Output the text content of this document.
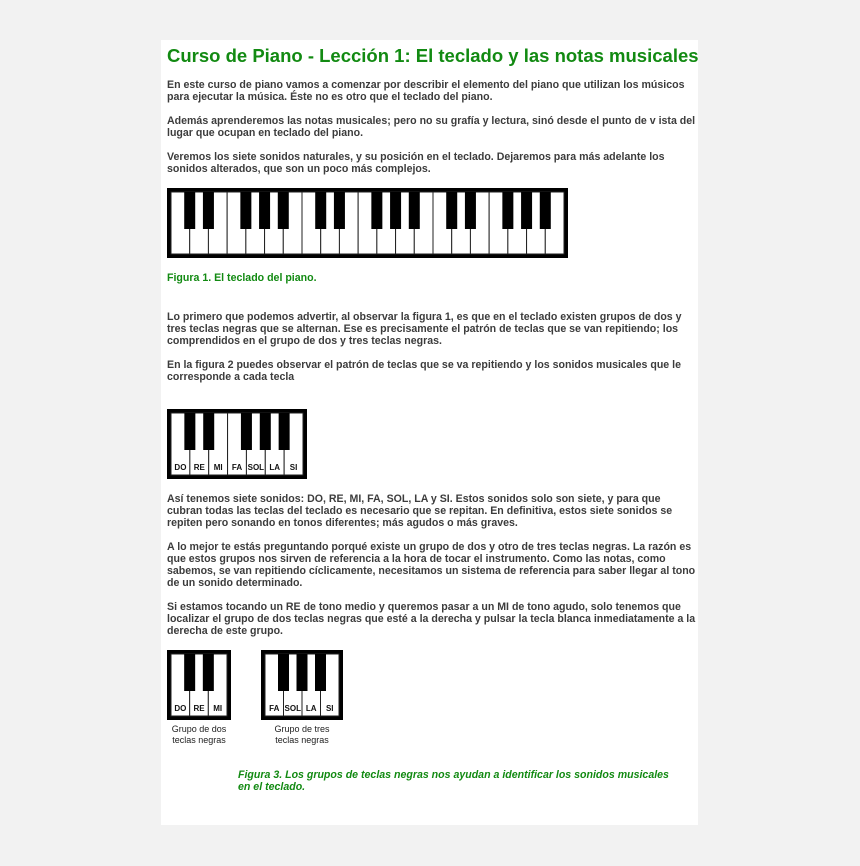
Curso de Piano - Lección 1: El teclado y las notas musicales

En este curso de piano vamos a comenzar por describir el elemento del piano que utilizan los músicos para ejecutar la música. Éste no es otro que el teclado del piano.

Además aprenderemos las notas musicales; pero no su grafía y lectura, sinó desde el punto de v ista del lugar que ocupan en teclado del piano.

Veremos los siete sonidos naturales, y su posición en el teclado. Dejaremos para más adelante los sonidos alterados, que son un poco más complejos.

Figura 1. El teclado del piano.

Lo primero que podemos advertir, al observar la figura 1, es que en el teclado existen grupos de dos y tres teclas negras que se alternan. Ese es precisamente el patrón de teclas que se van repitiendo; los comprendidos en el grupo de dos y tres teclas negras.

En la figura 2 puedes observar el patrón de teclas que se va repitiendo y los sonidos musicales que le corresponde a cada tecla

DO RE MI FA SOL LA SI

Así tenemos siete sonidos: DO, RE, MI, FA, SOL, LA y SI. Estos sonidos solo son siete, y para que cubran todas las teclas del teclado es necesario que se repitan. En definitiva, estos siete sonidos se repiten pero sonando en tonos diferentes; más agudos o más graves.

A lo mejor te estás preguntando porqué existe un grupo de dos y otro de tres teclas negras. La razón es que estos grupos nos sirven de referencia a la hora de tocar el instrumento. Como las notas, como sabemos, se van repitiendo cíclicamente, necesitamos un sistema de referencia para saber llegar al tono de un sonido determinado.

Si estamos tocando un RE de tono medio y queremos pasar a un MI de tono agudo, solo tenemos que localizar el grupo de dos teclas negras que esté a la derecha y pulsar la tecla blanca inmediatamente a la derecha de este grupo.

DO RE MI
Grupo de dos
teclas negras
FA SOL LA SI
Grupo de tres
teclas negras
Figura 3. Los grupos de teclas negras nos ayudan a identificar los sonidos musicales
en el teclado.
